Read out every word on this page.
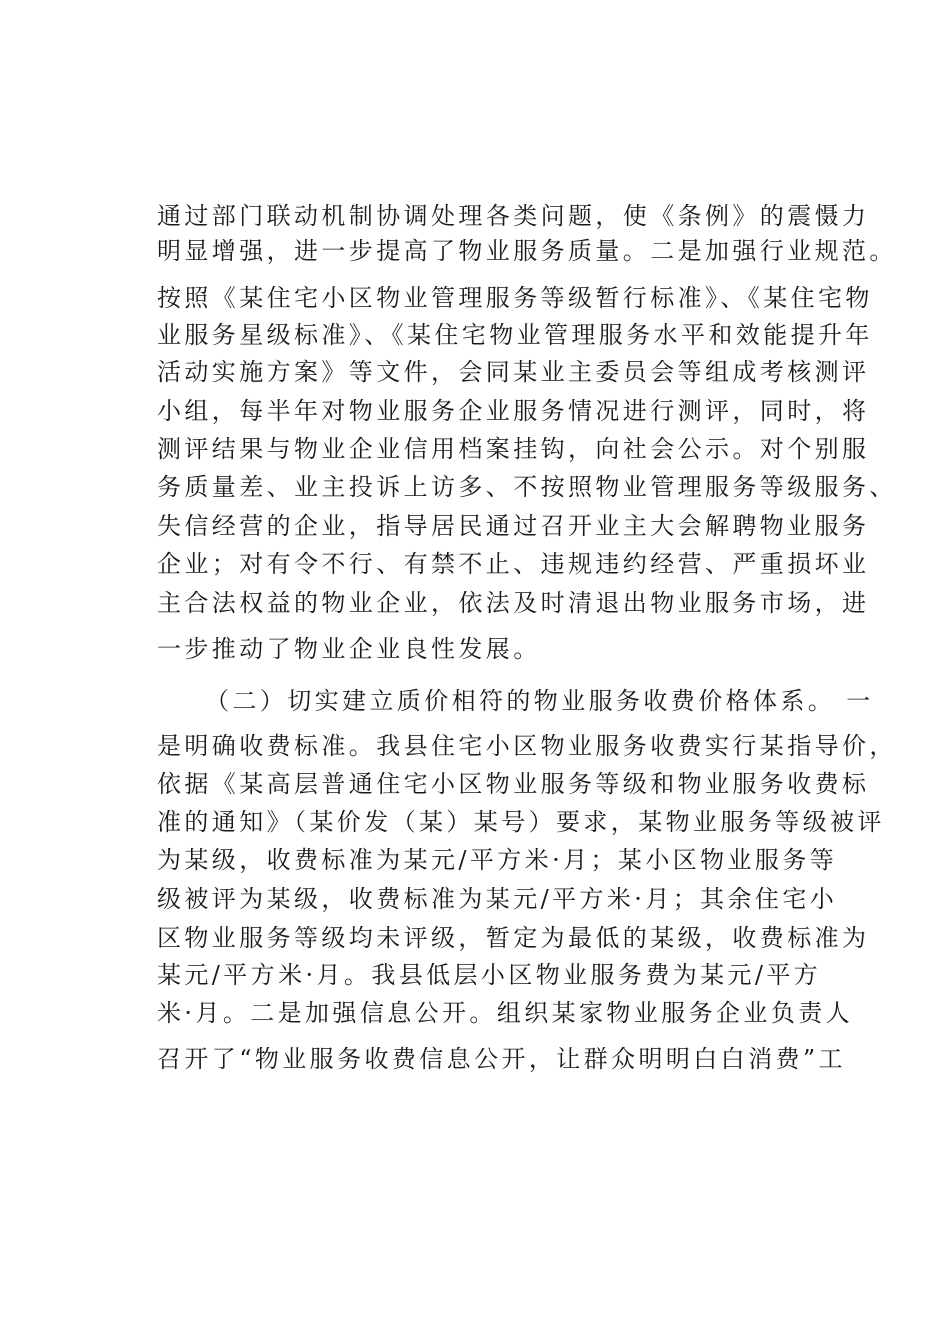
通过部门联动机制协调处理各类问题，使《条例》的震慑力
明显增强，进一步提高了物业服务质量。二是加强行业规范。
按照《某住宅小区物业管理服务等级暂行标准》、《某住宅物
业服务星级标准》、《某住宅物业管理服务水平和效能提升年
活动实施方案》等文件，会同某业主委员会等组成考核测评
小组，每半年对物业服务企业服务情况进行测评，同时，将
测评结果与物业企业信用档案挂钩，向社会公示。对个别服
务质量差、业主投诉上访多、不按照物业管理服务等级服务、
失信经营的企业，指导居民通过召开业主大会解聘物业服务
企业；对有令不行、有禁不止、违规违约经营、严重损坏业
主合法权益的物业企业，依法及时清退出物业服务市场，进
一步推动了物业企业良性发展。
（二）切实建立质价相符的物业服务收费价格体系。 一
是明确收费标准。我县住宅小区物业服务收费实行某指导价，
依据《某高层普通住宅小区物业服务等级和物业服务收费标
准的通知》（某价发（某）某号）要求，某物业服务等级被评
为某级，收费标准为某元/平方米·月；某小区物业服务等
级被评为某级，收费标准为某元/平方米·月；其余住宅小
区物业服务等级均未评级，暂定为最低的某级，收费标准为
某元/平方米·月。我县低层小区物业服务费为某元/平方
米·月。二是加强信息公开。组织某家物业服务企业负责人
召开了“物业服务收费信息公开，让群众明明白白消费”工
